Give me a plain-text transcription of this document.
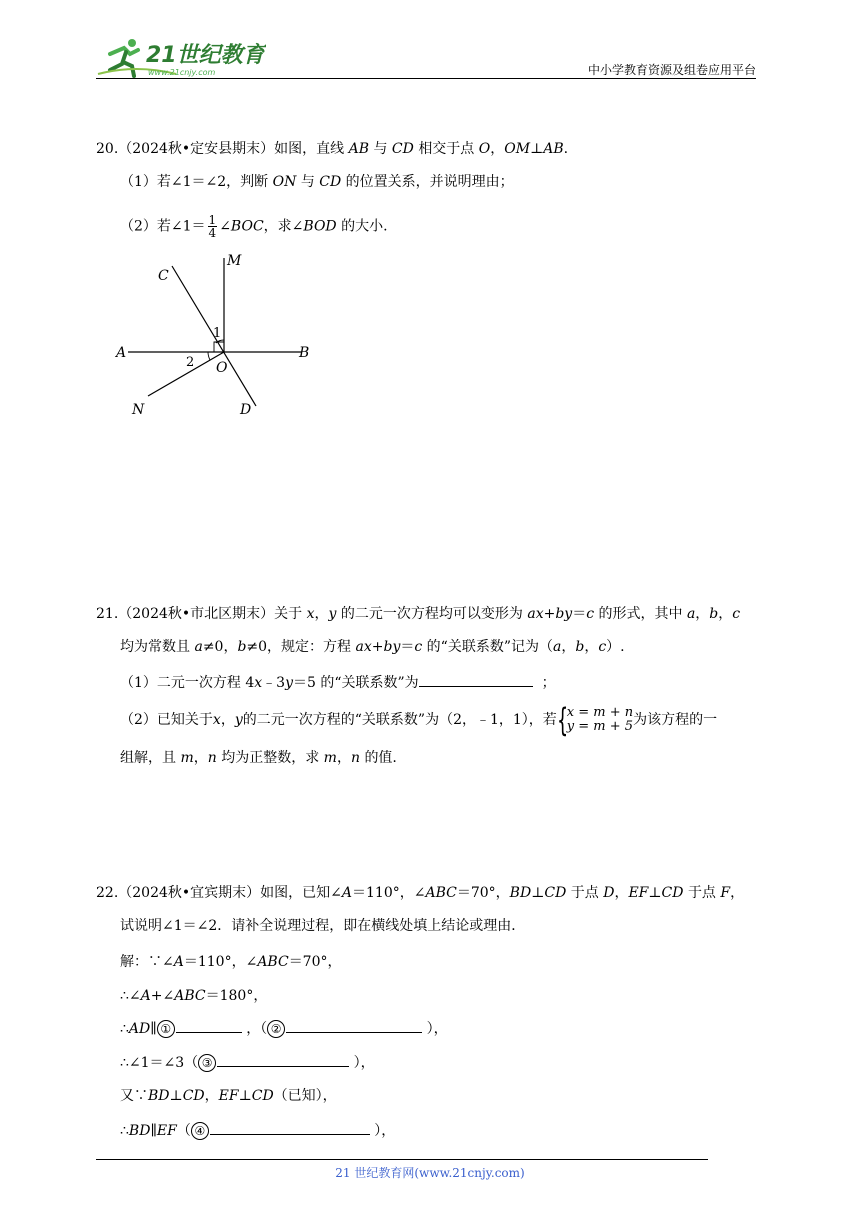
21世纪教育
www.21cnjy.com	中小学教育资源及组卷应用平台
20.（2024秋•定安县期末）如图，直线 AB 与 CD 相交于点 O，OM⊥AB.
（1）若∠1＝∠2，判断 ON 与 CD 的位置关系，并说明理由；
（2）若∠1＝ $\frac{1}{4}$ ∠BOC，求∠BOD 的大小.
A	B
C
D
M
N
O
1
2
21.（2024秋•市北区期末）关于 x，y 的二元一次方程均可以变形为 ax+by＝c 的形式，其中 a，b，c
均为常数且 a≠0，b≠0，规定：方程 ax+by＝c 的“关联系数”记为（a，b，c）.
（1）二元一次方程 4x﹣3y＝5 的“关联系数”为	；
（2）已知关于x，y的二元一次方程的“关联系数”为（2，﹣1，1），若 {
x = m + n
y = m + 5 为该方程的一
组解，且 m，n 均为正整数，求 m，n 的值.
22.（2024秋•宜宾期末）如图，已知∠A＝110°，∠ABC＝70°，BD⊥CD 于点 D，EF⊥CD 于点 F，
试说明∠1＝∠2．请补全说理过程，即在横线处填上结论或理由．
解：∵∠A＝110°，∠ABC＝70°，
∴∠A+∠ABC＝180°，
∴AD∥ ①	，（ ②	），
∴∠1＝∠3（ ③	），
又∵BD⊥CD，EF⊥CD（已知），
∴BD∥EF（ ④	），
21 世纪教育网(www.21cnjy.com)
